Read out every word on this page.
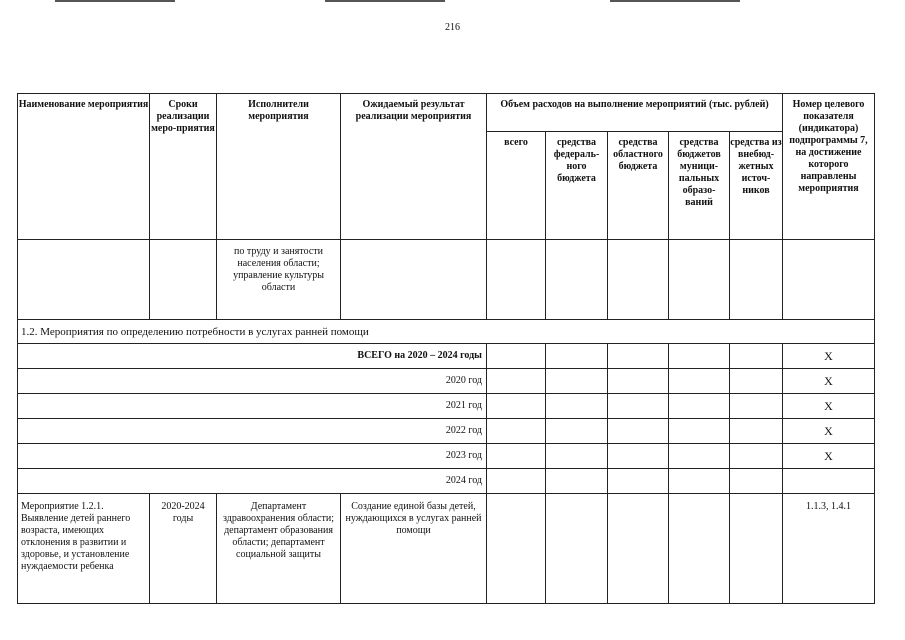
216
Наименование мероприятия	Сроки реализации меро-приятия	Исполнители мероприятия	Ожидаемый результат реализации мероприятия	Объем расходов на выполнение мероприятий (тыс. рублей)					Номер целевого показателя (индикатора) подпрограммы 7, на достижение которого направлены мероприятия
				всего	средства федераль-ного бюджета	средства областного бюджета	средства бюджетов муници-пальных образо-ваний	средства из внебюд-жетных источ-ников	
		по труду и занятости населения области; управление культуры области							
1.2. Мероприятия по определению потребности в услугах ранней помощи									
ВСЕГО на 2020 – 2024 годы									X
2020 год									X
2021 год									X
2022 год									X
2023 год									X
2024 год									
Мероприятие 1.2.1. Выявление детей раннего возраста, имеющих отклонения в развитии и здоровье, и установление нуждаемости ребенка	2020-2024 годы	Департамент здравоохранения области; департамент образования области; департамент социальной защиты	Создание единой базы детей, нуждающихся в услугах ранней помощи						1.1.3, 1.4.1
